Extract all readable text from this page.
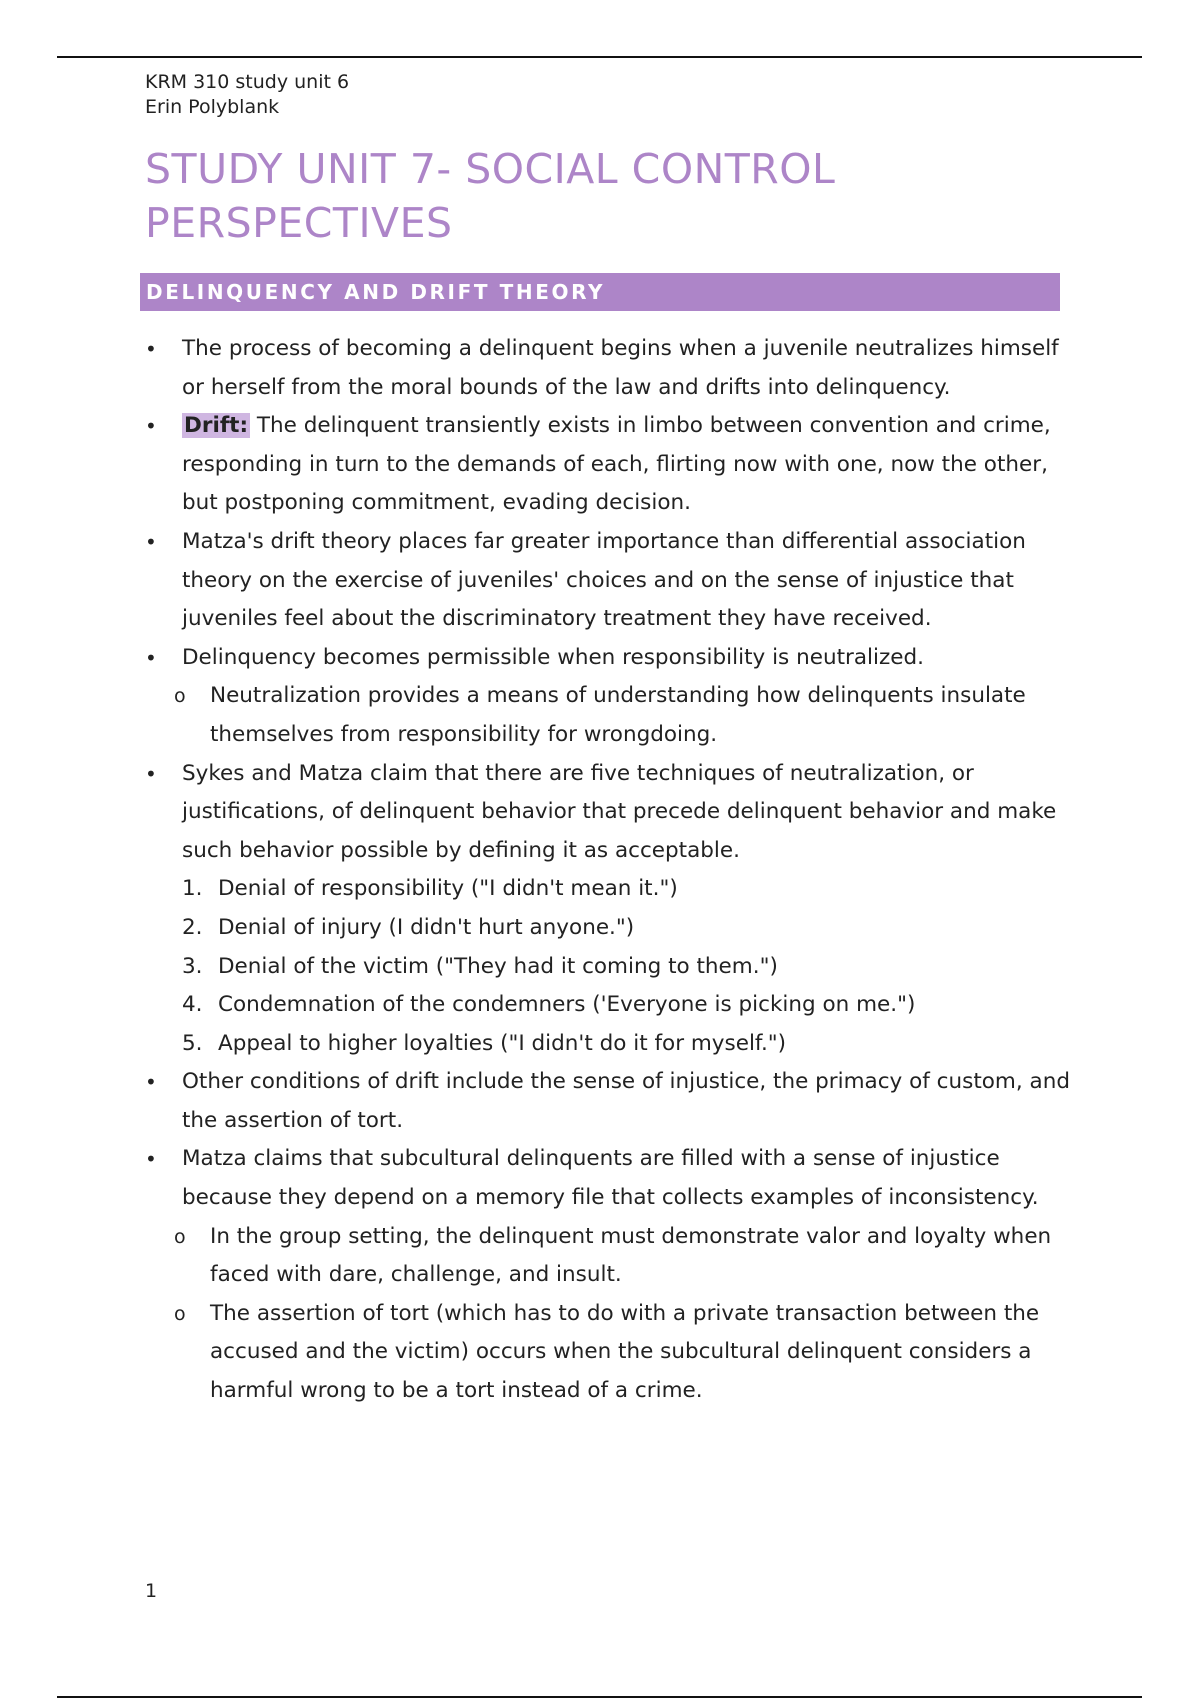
KRM 310 study unit 6
Erin Polyblank
STUDY UNIT 7- SOCIAL CONTROL
PERSPECTIVES
DELINQUENCY AND DRIFT THEORY
• The process of becoming a delinquent begins when a juvenile neutralizes himself or herself from the moral bounds of the law and drifts into delinquency.
• Drift: The delinquent transiently exists in limbo between convention and crime, responding in turn to the demands of each, flirting now with one, now the other, but postponing commitment, evading decision.
• Matza's drift theory places far greater importance than differential association theory on the exercise of juveniles' choices and on the sense of injustice that juveniles feel about the discriminatory treatment they have received.
• Delinquency becomes permissible when responsibility is neutralized.
o Neutralization provides a means of understanding how delinquents insulate themselves from responsibility for wrongdoing.
• Sykes and Matza claim that there are five techniques of neutralization, or justifications, of delinquent behavior that precede delinquent behavior and make such behavior possible by defining it as acceptable.
1. Denial of responsibility ("I didn't mean it.")
2. Denial of injury (I didn't hurt anyone.")
3. Denial of the victim ("They had it coming to them.")
4. Condemnation of the condemners ('Everyone is picking on me.")
5. Appeal to higher loyalties ("I didn't do it for myself.")
• Other conditions of drift include the sense of injustice, the primacy of custom, and the assertion of tort.
• Matza claims that subcultural delinquents are filled with a sense of injustice because they depend on a memory file that collects examples of inconsistency.
o In the group setting, the delinquent must demonstrate valor and loyalty when faced with dare, challenge, and insult.
o The assertion of tort (which has to do with a private transaction between the accused and the victim) occurs when the subcultural delinquent considers a harmful wrong to be a tort instead of a crime.
1
